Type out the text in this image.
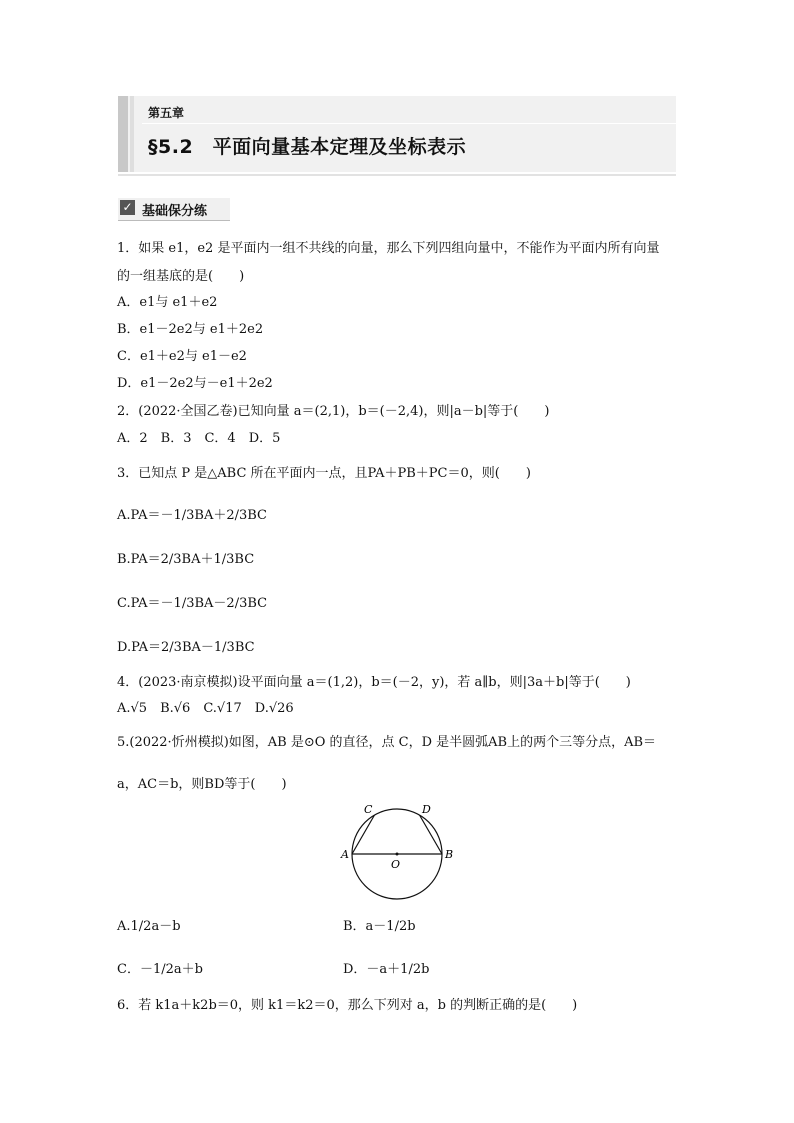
第五章
§5.2　平面向量基本定理及坐标表示
✓ 基础保分练
1．如果 e1，e2 是平面内一组不共线的向量，那么下列四组向量中，不能作为平面内所有向量
的一组基底的是(　　)
A．e1与 e1＋e2
B．e1－2e2与 e1＋2e2
C．e1＋e2与 e1－e2
D．e1－2e2与－e1＋2e2
2．(2022·全国乙卷)已知向量 a＝(2,1)，b＝(－2,4)，则|a－b|等于(　　)
A．2　B．3　C．4　D．5
3．已知点 P 是△ABC 所在平面内一点，且PA＋PB＋PC＝0，则(　　)
A.PA＝－1/3BA＋2/3BC
B.PA＝2/3BA＋1/3BC
C.PA＝－1/3BA－2/3BC
D.PA＝2/3BA－1/3BC
4．(2023·南京模拟)设平面向量 a＝(1,2)，b＝(－2，y)，若 a∥b，则|3a＋b|等于(　　)
A.√5　B.√6　C.√17　D.√26
5.(2022·忻州模拟)如图，AB 是⊙O 的直径，点 C，D 是半圆弧AB上的两个三等分点，AB＝
a，AC＝b，则BD等于(　　)
A	B
C	D
O
A.1/2a－b	B．a－1/2b
C．－1/2a＋b	D．－a＋1/2b
6．若 k1a＋k2b＝0，则 k1＝k2＝0，那么下列对 a，b 的判断正确的是(　　)
